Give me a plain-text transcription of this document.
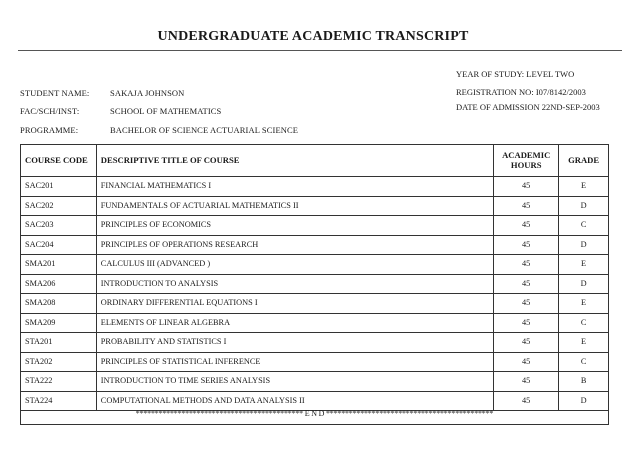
UNDERGRADUATE ACADEMIC TRANSCRIPT
YEAR OF STUDY: LEVEL TWO
REGISTRATION NO: I07/8142/2003
DATE OF ADMISSION 22ND-SEP-2003
STUDENT NAME: SAKAJA JOHNSON
FAC/SCH/INST:	SCHOOL OF MATHEMATICS
PROGRAMME:	BACHELOR OF SCIENCE ACTUARIAL SCIENCE
COURSE CODE	DESCRIPTIVE TITLE OF COURSE	ACADEMIC HOURS	GRADE
SAC201	FINANCIAL MATHEMATICS I	45	E
SAC202	FUNDAMENTALS OF ACTUARIAL MATHEMATICS II	45	D
SAC203	PRINCIPLES OF ECONOMICS	45	C
SAC204	PRINCIPLES OF OPERATIONS RESEARCH	45	D
SMA201	CALCULUS III (ADVANCED )	45	E
SMA206	INTRODUCTION TO ANALYSIS	45	D
SMA208	ORDINARY DIFFERENTIAL EQUATIONS I	45	E
SMA209	ELEMENTS OF LINEAR ALGEBRA	45	C
STA201	PROBABILITY AND STATISTICS I	45	E
STA202	PRINCIPLES OF STATISTICAL INFERENCE	45	C
STA222	INTRODUCTION TO TIME SERIES ANALYSIS	45	B
STA224	COMPUTATIONAL METHODS AND DATA ANALYSIS II	45	D
******************************************** E N D ********************************************
